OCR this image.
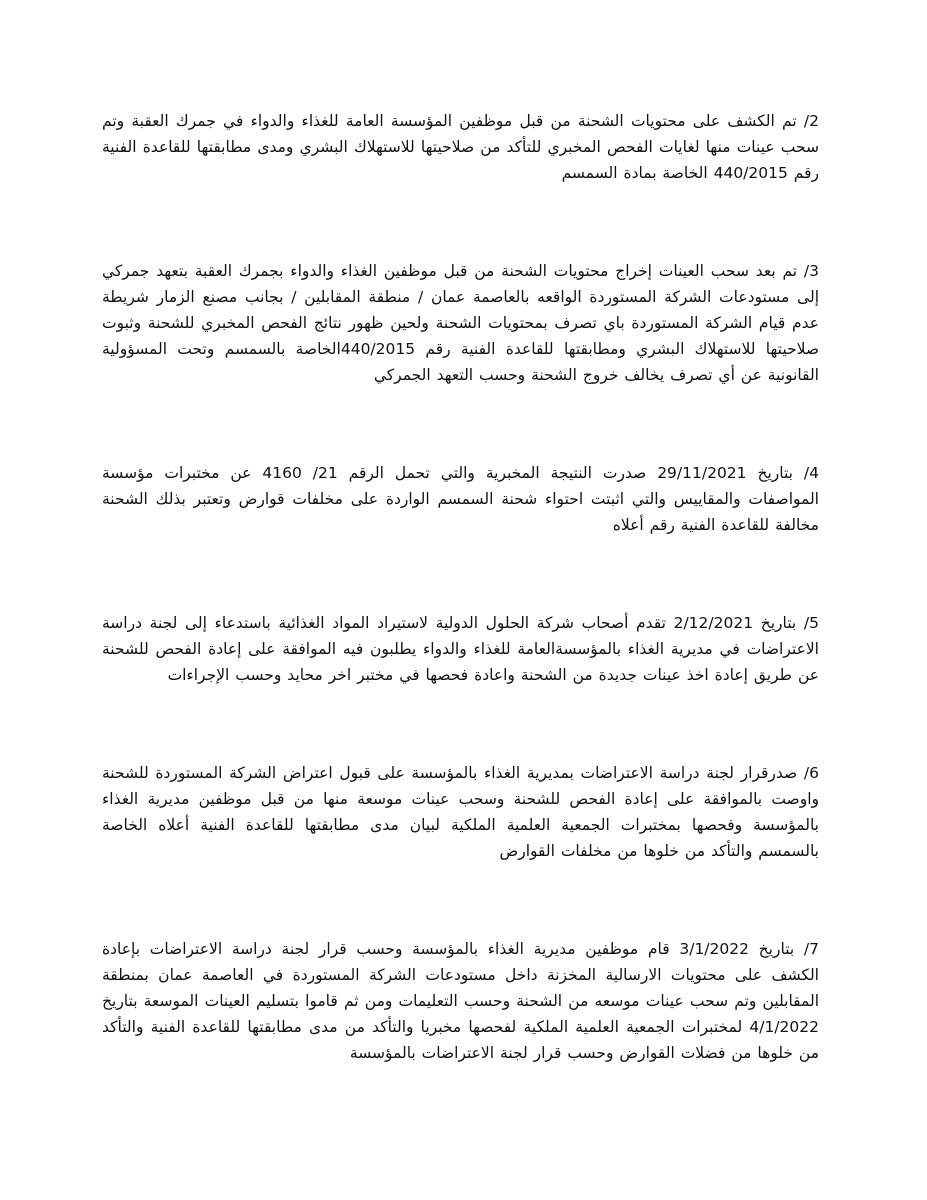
2/ تم الكشف على محتويات الشحنة من قبل موظفين المؤسسة العامة للغذاء والدواء في جمرك العقبة وتم سحب عينات منها لغايات الفحص المخبري للتأكد من صلاحيتها للاستهلاك البشري ومدى مطابقتها للقاعدة الفنية رقم 440/2015 الخاصة بمادة السمسم

3/ تم بعد سحب العينات إخراج محتويات الشحنة من قبل موظفين الغذاء والدواء بجمرك العقبة بتعهد جمركي إلى مستودعات الشركة المستوردة الواقعه بالعاصمة عمان / منطقة المقابلين / بجانب مصنع الزمار شريطة عدم قيام الشركة المستوردة باي تصرف بمحتويات الشحنة ولحين ظهور نتائج الفحص المخبري للشحنة وثبوت صلاحيتها للاستهلاك البشري ومطابقتها للقاعدة الفنية رقم 440/2015الخاصة بالسمسم وتحت المسؤولية القانونية عن أي تصرف يخالف خروج الشحنة وحسب التعهد الجمركي

4/ بتاريخ 29/11/2021 صدرت النتيجة المخبرية والتي تحمل الرقم 21/ 4160 عن مختبرات مؤسسة المواصفات والمقاييس والتي اثبتت احتواء شحنة السمسم الواردة على مخلفات قوارض وتعتبر بذلك الشحنة مخالفة للقاعدة الفنية رقم أعلاه

5/ بتاريخ 2/12/2021 تقدم أصحاب شركة الحلول الدولية لاستيراد المواد الغذائية باستدعاء إلى لجنة دراسة الاعتراضات في مديرية الغذاء بالمؤسسةالعامة للغذاء والدواء يطلبون فيه الموافقة على إعادة الفحص للشحنة عن طريق إعادة اخذ عينات جديدة من الشحنة واعادة فحصها في مختبر اخر محايد وحسب الإجراءات

6/ صدرقرار لجنة دراسة الاعتراضات بمديرية الغذاء بالمؤسسة على قبول اعتراض الشركة المستوردة للشحنة واوصت بالموافقة على إعادة الفحص للشحنة وسحب عينات موسعة منها من قبل موظفين مديرية الغذاء بالمؤسسة وفحصها بمختبرات الجمعية العلمية الملكية لبيان مدى مطابقتها للقاعدة الفنية أعلاه الخاصة بالسمسم والتأكد من خلوها من مخلفات القوارض

7/ بتاريخ 3/1/2022 قام موظفين مديرية الغذاء بالمؤسسة وحسب قرار لجنة دراسة الاعتراضات بإعادة الكشف على محتويات الارسالية المخزنة داخل مستودعات الشركة المستوردة في العاصمة عمان بمنطقة المقابلين وتم سحب عينات موسعه من الشحنة وحسب التعليمات ومن ثم قاموا بتسليم العينات الموسعة بتاريخ 4/1/2022 لمختبرات الجمعية العلمية الملكية لفحصها مخبريا والتأكد من مدى مطابقتها للقاعدة الفنية والتأكد من خلوها من فضلات القوارض وحسب قرار لجنة الاعتراضات بالمؤسسة
